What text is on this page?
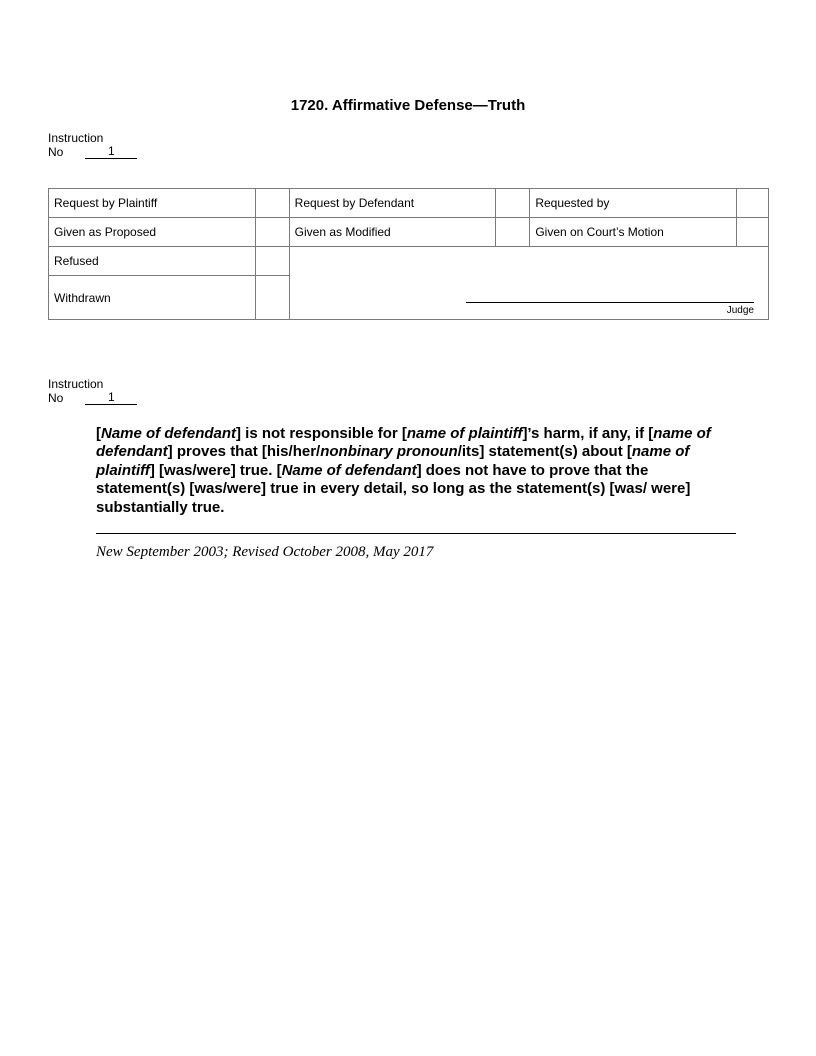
1720. Affirmative Defense—Truth
Instruction
No	1
Request by Plaintiff		Request by Defendant		Requested by	
Given as Proposed		Given as Modified		Given on Court’s Motion	
Refused		Judge			

Withdrawn					
Instruction
No	1

[Name of defendant] is not responsible for [name of plaintiff]’s harm, if any, if [name of defendant] proves that [his/her/nonbinary pronoun/its] statement(s) about [name of plaintiff] [was/were] true. [Name of defendant] does not have to prove that the statement(s) [was/were] true in every detail, so long as the statement(s) [was/ were] substantially true.

New September 2003; Revised October 2008, May 2017
